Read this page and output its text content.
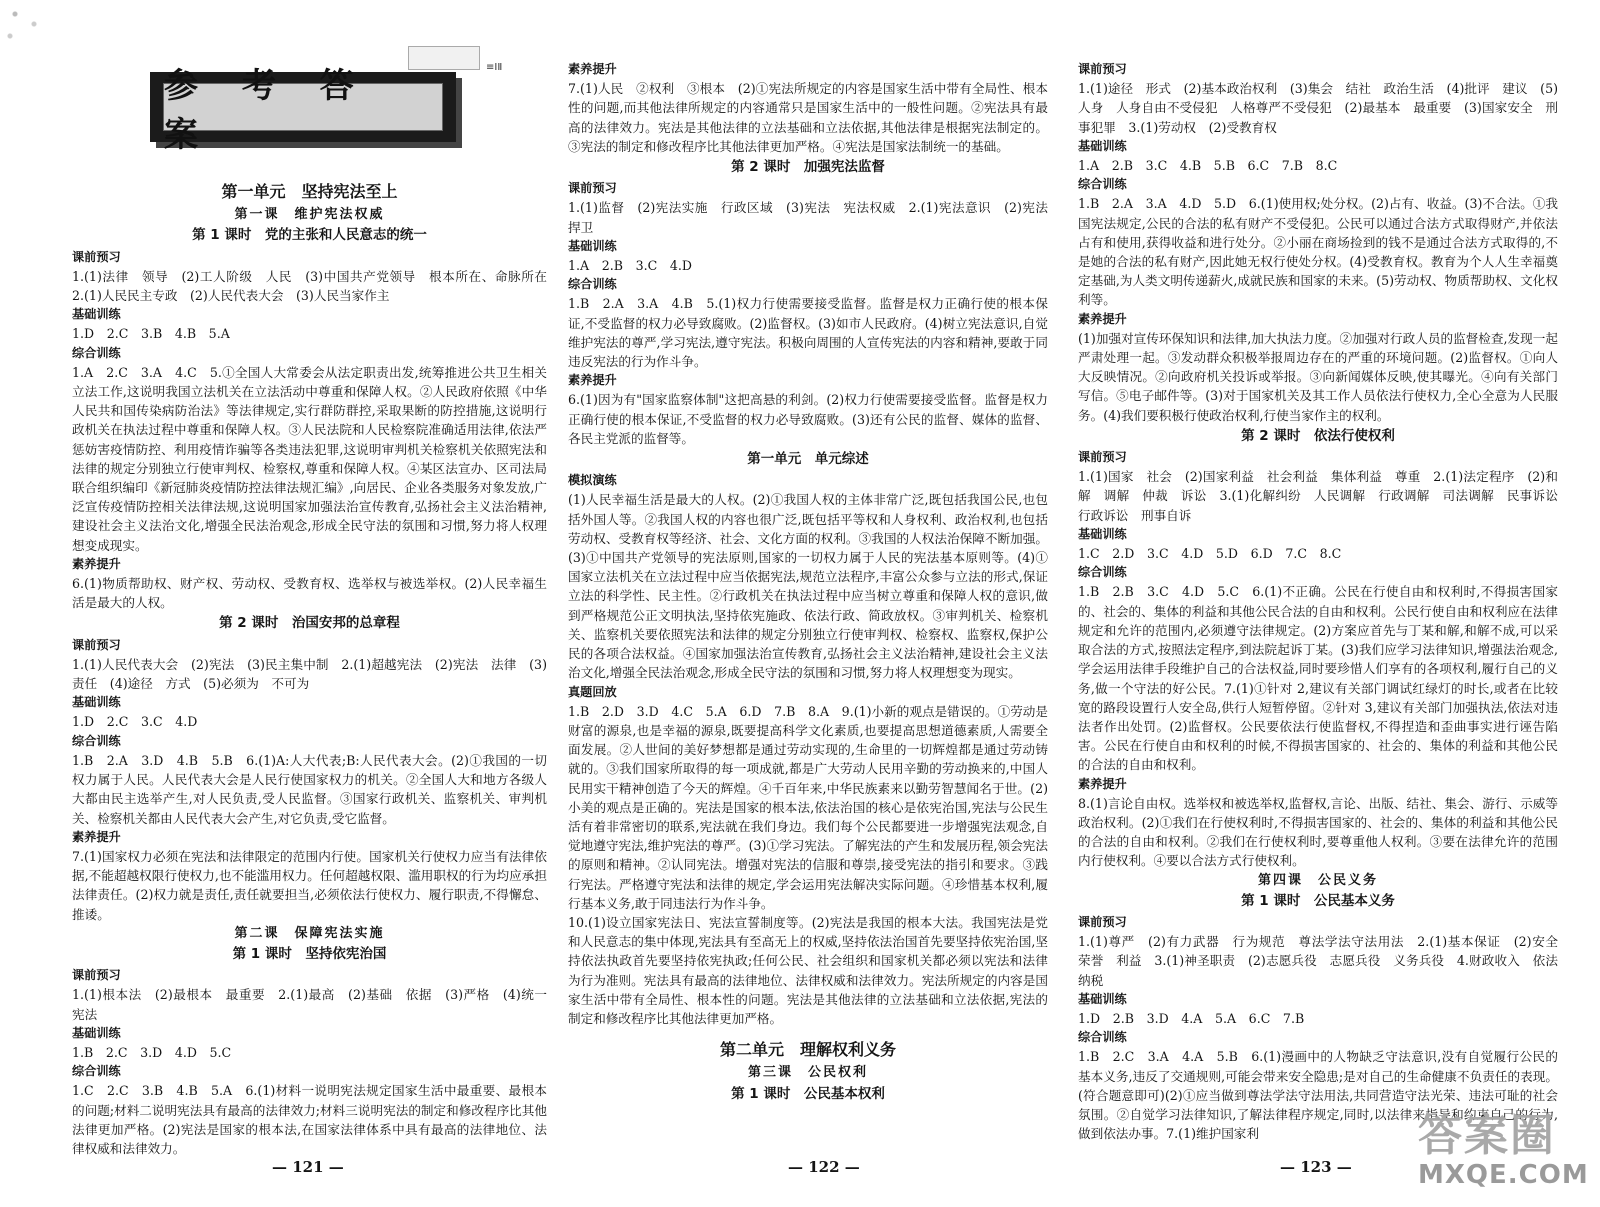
≡ⅠⅡ
参 考 答 案
第一单元　坚持宪法至上
第一课　维护宪法权威
第 1 课时　党的主张和人民意志的统一
课前预习

1.(1)法律　领导　(2)工人阶级　人民　(3)中国共产党领导　根本所在、命脉所在　2.(1)人民民主专政　(2)人民代表大会　(3)人民当家作主

基础训练

1.D　2.C　3.B　4.B　5.A

综合训练

1.A　2.C　3.A　4.C　5.①全国人大常委会从法定职责出发,统筹推进公共卫生相关立法工作,这说明我国立法机关在立法活动中尊重和保障人权。②人民政府依照《中华人民共和国传染病防治法》等法律规定,实行群防群控,采取果断的防控措施,这说明行政机关在执法过程中尊重和保障人权。③人民法院和人民检察院准确适用法律,依法严惩妨害疫情防控、利用疫情诈骗等各类违法犯罪,这说明审判机关检察机关依照宪法和法律的规定分别独立行使审判权、检察权,尊重和保障人权。④某区法宣办、区司法局联合组织编印《新冠肺炎疫情防控法律法规汇编》,向居民、企业各类服务对象发放,广泛宣传疫情防控相关法律法规,这说明国家加强法治宣传教育,弘扬社会主义法治精神,建设社会主义法治文化,增强全民法治观念,形成全民守法的氛围和习惯,努力将人权理想变成现实。

素养提升

6.(1)物质帮助权、财产权、劳动权、受教育权、选举权与被选举权。(2)人民幸福生活是最大的人权。

第 2 课时　治国安邦的总章程
课前预习

1.(1)人民代表大会　(2)宪法　(3)民主集中制　2.(1)超越宪法　(2)宪法　法律　(3)责任　(4)途径　方式　(5)必须为　不可为

基础训练

1.D　2.C　3.C　4.D

综合训练

1.B　2.A　3.D　4.B　5.B　6.(1)A:人大代表;B:人民代表大会。(2)①我国的一切权力属于人民。人民代表大会是人民行使国家权力的机关。②全国人大和地方各级人大都由民主选举产生,对人民负责,受人民监督。③国家行政机关、监察机关、审判机关、检察机关都由人民代表大会产生,对它负责,受它监督。

素养提升

7.(1)国家权力必须在宪法和法律限定的范围内行使。国家机关行使权力应当有法律依据,不能超越权限行使权力,也不能滥用权力。任何超越权限、滥用职权的行为均应承担法律责任。(2)权力就是责任,责任就要担当,必须依法行使权力、履行职责,不得懈怠、推诿。

第二课　保障宪法实施
第 1 课时　坚持依宪治国
课前预习

1.(1)根本法　(2)最根本　最重要　2.(1)最高　(2)基础　依据　(3)严格　(4)统一　宪法

基础训练

1.B　2.C　3.D　4.D　5.C

综合训练

1.C　2.C　3.B　4.B　5.A　6.(1)材料一说明宪法规定国家生活中最重要、最根本的问题;材料二说明宪法具有最高的法律效力;材料三说明宪法的制定和修改程序比其他法律更加严格。(2)宪法是国家的根本法,在国家法律体系中具有最高的法律地位、法律权威和法律效力。

素养提升

7.(1)人民　②权利　③根本　(2)①宪法所规定的内容是国家生活中带有全局性、根本性的问题,而其他法律所规定的内容通常只是国家生活中的一般性问题。②宪法具有最高的法律效力。宪法是其他法律的立法基础和立法依据,其他法律是根据宪法制定的。③宪法的制定和修改程序比其他法律更加严格。④宪法是国家法制统一的基础。

第 2 课时　加强宪法监督
课前预习

1.(1)监督　(2)宪法实施　行政区域　(3)宪法　宪法权威　2.(1)宪法意识　(2)宪法　捍卫

基础训练

1.A　2.B　3.C　4.D

综合训练

1.B　2.A　3.A　4.B　5.(1)权力行使需要接受监督。监督是权力正确行使的根本保证,不受监督的权力必导致腐败。(2)监督权。(3)如市人民政府。(4)树立宪法意识,自觉维护宪法的尊严,学习宪法,遵守宪法。积极向周围的人宣传宪法的内容和精神,要敢于同违反宪法的行为作斗争。

素养提升

6.(1)因为有"国家监察体制"这把高悬的利剑。(2)权力行使需要接受监督。监督是权力正确行使的根本保证,不受监督的权力必导致腐败。(3)还有公民的监督、媒体的监督、各民主党派的监督等。

第一单元　单元综述
模拟演练

(1)人民幸福生活是最大的人权。(2)①我国人权的主体非常广泛,既包括我国公民,也包括外国人等。②我国人权的内容也很广泛,既包括平等权和人身权利、政治权利,也包括劳动权、受教育权等经济、社会、文化方面的权利。③我国的人权法治保障不断加强。(3)①中国共产党领导的宪法原则,国家的一切权力属于人民的宪法基本原则等。(4)①国家立法机关在立法过程中应当依据宪法,规范立法程序,丰富公众参与立法的形式,保证立法的科学性、民主性。②行政机关在执法过程中应当树立尊重和保障人权的意识,做到严格规范公正文明执法,坚持依宪施政、依法行政、简政放权。③审判机关、检察机关、监察机关要依照宪法和法律的规定分别独立行使审判权、检察权、监察权,保护公民的各项合法权益。④国家加强法治宣传教育,弘扬社会主义法治精神,建设社会主义法治文化,增强全民法治观念,形成全民守法的氛围和习惯,努力将人权理想变为现实。

真题回放

1.B　2.D　3.D　4.C　5.A　6.D　7.B　8.A　9.(1)小新的观点是错误的。①劳动是财富的源泉,也是幸福的源泉,既要提高科学文化素质,也要提高思想道德素质,人需要全面发展。②人世间的美好梦想都是通过劳动实现的,生命里的一切辉煌都是通过劳动铸就的。③我们国家所取得的每一项成就,都是广大劳动人民用辛勤的劳动换来的,中国人民用实干精神创造了今天的辉煌。④千百年来,中华民族素来以勤劳智慧闻名于世。(2)小美的观点是正确的。宪法是国家的根本法,依法治国的核心是依宪治国,宪法与公民生活有着非常密切的联系,宪法就在我们身边。我们每个公民都要进一步增强宪法观念,自觉地遵守宪法,维护宪法的尊严。(3)①学习宪法。了解宪法的产生和发展历程,领会宪法的原则和精神。②认同宪法。增强对宪法的信服和尊崇,接受宪法的指引和要求。③践行宪法。严格遵守宪法和法律的规定,学会运用宪法解决实际问题。④珍惜基本权利,履行基本义务,敢于同违法行为作斗争。

10.(1)设立国家宪法日、宪法宣誓制度等。(2)宪法是我国的根本大法。我国宪法是党和人民意志的集中体现,宪法具有至高无上的权威,坚持依法治国首先要坚持依宪治国,坚持依法执政首先要坚持依宪执政;任何公民、社会组织和国家机关都必须以宪法和法律为行为准则。宪法具有最高的法律地位、法律权威和法律效力。宪法所规定的内容是国家生活中带有全局性、根本性的问题。宪法是其他法律的立法基础和立法依据,宪法的制定和修改程序比其他法律更加严格。

第二单元　理解权利义务
第三课　公民权利
第 1 课时　公民基本权利
课前预习

1.(1)途径　形式　(2)基本政治权利　(3)集会　结社　政治生活　(4)批评　建议　(5)人身　人身自由不受侵犯　人格尊严不受侵犯　(2)最基本　最重要　(3)国家安全　刑事犯罪　3.(1)劳动权　(2)受教育权

基础训练

1.A　2.B　3.C　4.B　5.B　6.C　7.B　8.C

综合训练

1.B　2.A　3.A　4.D　5.D　6.(1)使用权;处分权。(2)占有、收益。(3)不合法。①我国宪法规定,公民的合法的私有财产不受侵犯。公民可以通过合法方式取得财产,并依法占有和使用,获得收益和进行处分。②小丽在商场捡到的钱不是通过合法方式取得的,不是她的合法的私有财产,因此她无权行使处分权。(4)受教育权。教育为个人人生幸福奠定基础,为人类文明传递薪火,成就民族和国家的未来。(5)劳动权、物质帮助权、文化权利等。

素养提升

(1)加强对宣传环保知识和法律,加大执法力度。②加强对行政人员的监督检查,发现一起严肃处理一起。③发动群众积极举报周边存在的严重的环境问题。(2)监督权。①向人大反映情况。②向政府机关投诉或举报。③向新闻媒体反映,使其曝光。④向有关部门写信。⑤电子邮件等。(3)对于国家机关及其工作人员依法行使权力,全心全意为人民服务。(4)我们要积极行使政治权利,行使当家作主的权利。

第 2 课时　依法行使权利
课前预习

1.(1)国家　社会　(2)国家利益　社会利益　集体利益　尊重　2.(1)法定程序　(2)和解　调解　仲裁　诉讼　3.(1)化解纠纷　人民调解　行政调解　司法调解　民事诉讼　行政诉讼　刑事自诉

基础训练

1.C　2.D　3.C　4.D　5.D　6.D　7.C　8.C

综合训练

1.B　2.B　3.C　4.D　5.C　6.(1)不正确。公民在行使自由和权利时,不得损害国家的、社会的、集体的利益和其他公民合法的自由和权利。公民行使自由和权利应在法律规定和允许的范围内,必须遵守法律规定。(2)方案应首先与丁某和解,和解不成,可以采取合法的方式,按照法定程序,到法院起诉丁某。(3)我们应学习法律知识,增强法治观念,学会运用法律手段维护自己的合法权益,同时要珍惜人们享有的各项权利,履行自己的义务,做一个守法的好公民。7.(1)①针对 2,建议有关部门调试红绿灯的时长,或者在比较宽的路段设置行人安全岛,供行人短暂停留。②针对 3,建议有关部门加强执法,依法对违法者作出处罚。(2)监督权。公民要依法行使监督权,不得捏造和歪曲事实进行诬告陷害。公民在行使自由和权利的时候,不得损害国家的、社会的、集体的利益和其他公民的合法的自由和权利。

素养提升

8.(1)言论自由权。选举权和被选举权,监督权,言论、出版、结社、集会、游行、示威等政治权利。(2)①我们在行使权利时,不得损害国家的、社会的、集体的利益和其他公民的合法的自由和权利。②我们在行使权利时,要尊重他人权利。③要在法律允许的范围内行使权利。④要以合法方式行使权利。

第四课　公民义务
第 1 课时　公民基本义务
课前预习

1.(1)尊严　(2)有力武器　行为规范　尊法学法守法用法　2.(1)基本保证　(2)安全　荣誉　利益　3.(1)神圣职责　(2)志愿兵役　志愿兵役　义务兵役　4.财政收入　依法纳税

基础训练

1.D　2.B　3.D　4.A　5.A　6.C　7.B

综合训练

1.B　2.C　3.A　4.A　5.B　6.(1)漫画中的人物缺乏守法意识,没有自觉履行公民的基本义务,违反了交通规则,可能会带来安全隐患;是对自己的生命健康不负责任的表现。(符合题意即可)(2)①应当做到尊法学法守法用法,共同营造守法光荣、违法可耻的社会氛围。②自觉学习法律知识,了解法律程序规定,同时,以法律来指导和约束自己的行为,做到依法办事。7.(1)维护国家利

— 121 —	— 122 —	— 123 —
答案圈
MXQE.COM
